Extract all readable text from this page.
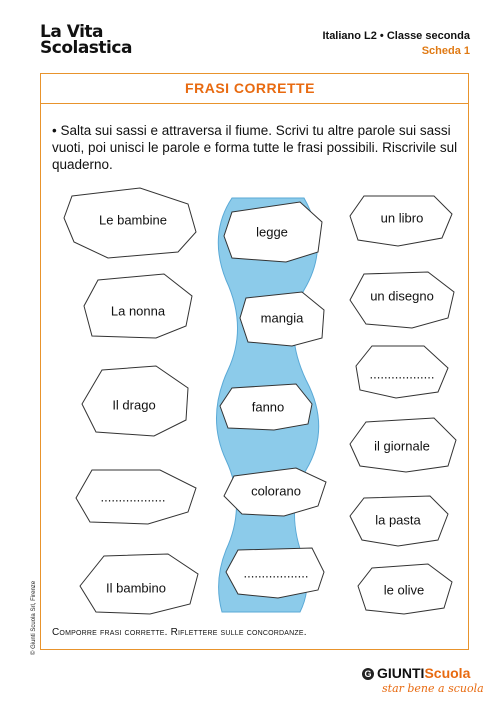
La Vita
Scolastica
Italiano L2 • Classe seconda
Scheda 1
FRASI CORRETTE
• Salta sui sassi e attraversa il fiume. Scrivi tu altre parole sui sassi vuoti, poi unisci le parole e forma tutte le frasi possibili. Riscrivile sul quaderno.
Le bambine
La nonna
Il drago
..................
Il bambino
legge
mangia
fanno
colorano
..................
un libro
un disegno
..................
il giornale
la pasta
le olive
Comporre frasi corrette. Riflettere sulle concordanze.
© Giunti Scuola Srl, Firenze
G GIUNTIScuola
star bene a scuola
